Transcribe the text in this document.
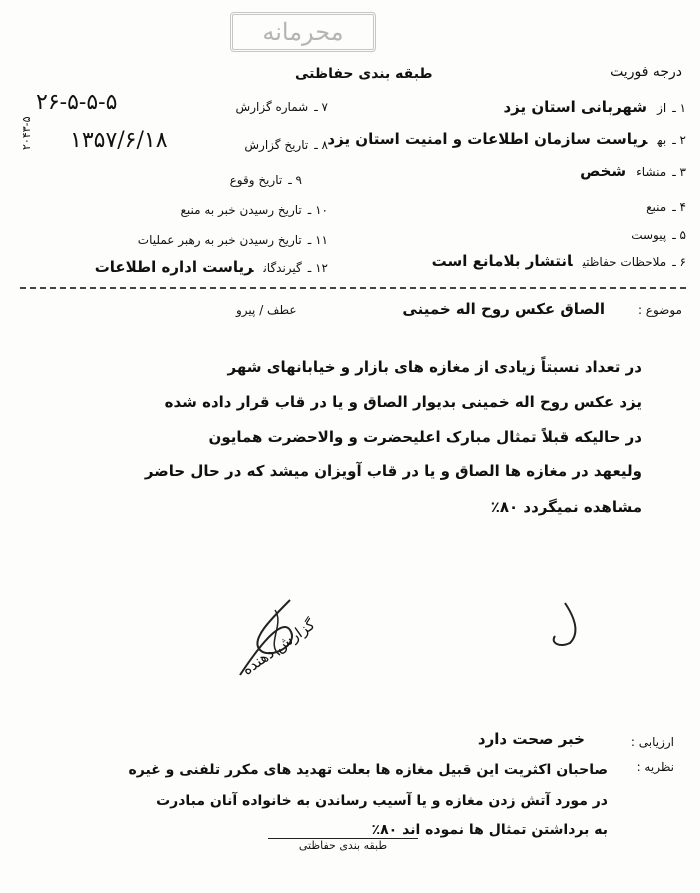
محرمانه
درجه فوریت
طبقه بندی حفاظتی
۱ ـازشهربانی استان یزد
۲ ـبهریاست سازمان اطلاعات و امنیت استان یزد
۳ ـمنشاءشخص
۴ ـمنبع
۵ ـپیوست
۶ ـملاحظات حفاظتیانتشار بلامانع است
۷ ـشماره گزارش
۲۶-۵-۵-۵
۸ ـتاریخ گزارش
۱۳۵۷/۶/۱۸
۹ ـتاریخ وقوع
۱۰ ـتاریخ رسیدن خبر به منبع
۱۱ ـتاریخ رسیدن خبر به رهبر عملیات
۱۲ ـگیرندگانریاست اداره اطلاعات
۲۰۴۳-۵
موضوع :
الصاق عکس روح اله خمینی
عطف / پیرو
در تعداد نسبتاً زیادی از مغازه های بازار و خیابانهای شهر
یزد عکس روح اله خمینی بدیوار الصاق و یا در قاب قرار داده شده
در حالیکه قبلاً تمثال مبارک اعلیحضرت و والاحضرت همایون
ولیعهد در مغازه ها الصاق و یا در قاب آویزان میشد که در حال حاضر
مشاهده نمیگردد ۸۰٪
گزارش دهنده
ارزیابی :
خبر صحت دارد
نظریه :
صاحبان اکثریت این قبیل مغازه ها بعلت تهدید های مکرر تلفنی و غیره
در مورد آتش زدن مغازه و یا آسیب رساندن به خانواده آنان مبادرت
به برداشتن تمثال ها نموده اند ۸۰٪
طبقه بندی حفاظتی
